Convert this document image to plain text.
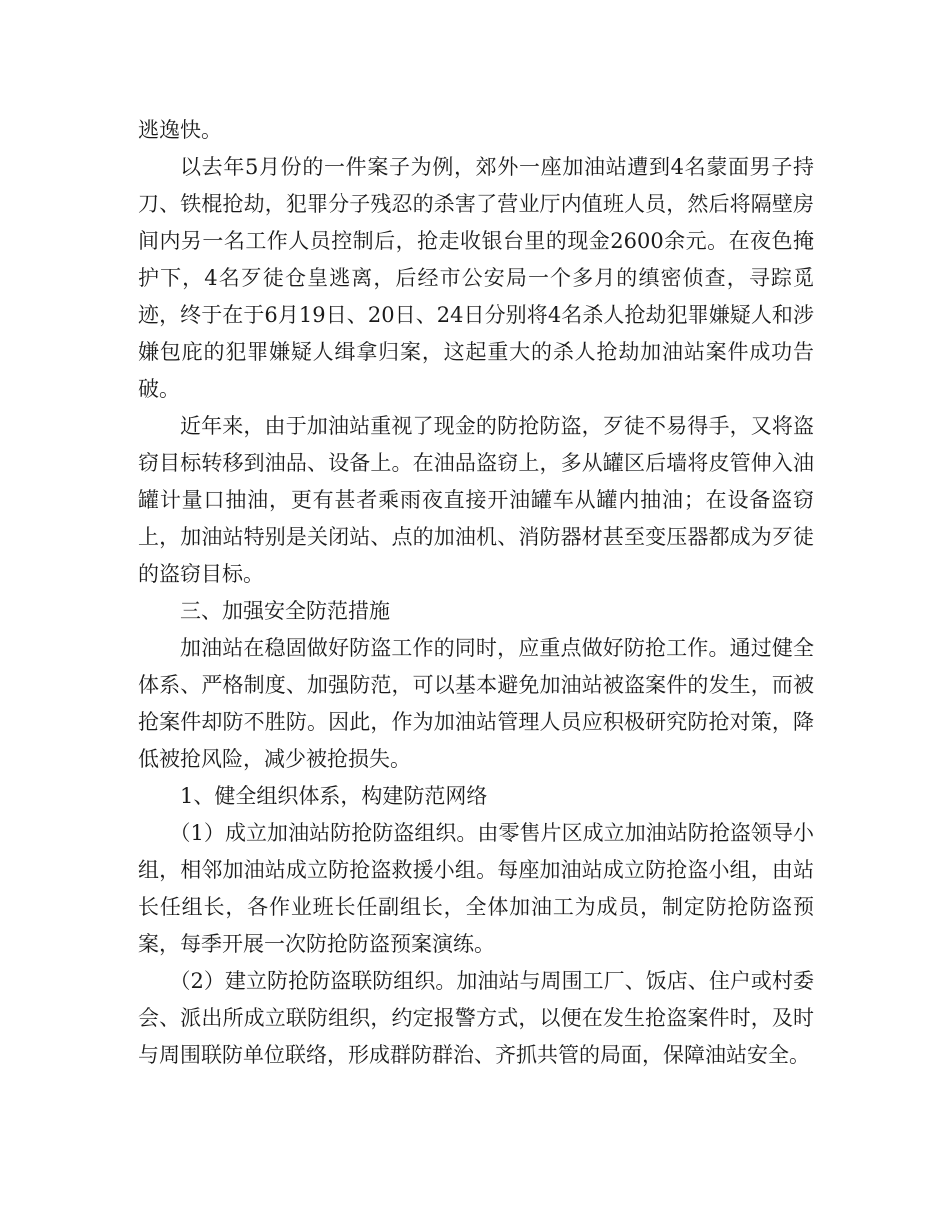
逃逸快。

以去年5月份的一件案子为例，郊外一座加油站遭到4名蒙面男子持刀、铁棍抢劫，犯罪分子残忍的杀害了营业厅内值班人员，然后将隔壁房间内另一名工作人员控制后，抢走收银台里的现金2600余元。在夜色掩护下，4名歹徒仓皇逃离，后经市公安局一个多月的缜密侦查，寻踪觅迹，终于在于6月19日、20日、24日分别将4名杀人抢劫犯罪嫌疑人和涉嫌包庇的犯罪嫌疑人缉拿归案，这起重大的杀人抢劫加油站案件成功告破。

近年来，由于加油站重视了现金的防抢防盗，歹徒不易得手，又将盗窃目标转移到油品、设备上。在油品盗窃上，多从罐区后墙将皮管伸入油罐计量口抽油，更有甚者乘雨夜直接开油罐车从罐内抽油；在设备盗窃上，加油站特别是关闭站、点的加油机、消防器材甚至变压器都成为歹徒的盗窃目标。

三、加强安全防范措施

加油站在稳固做好防盗工作的同时，应重点做好防抢工作。通过健全体系、严格制度、加强防范，可以基本避免加油站被盗案件的发生，而被抢案件却防不胜防。因此，作为加油站管理人员应积极研究防抢对策，降低被抢风险，减少被抢损失。

1、健全组织体系，构建防范网络

（1）成立加油站防抢防盗组织。由零售片区成立加油站防抢盗领导小组，相邻加油站成立防抢盗救援小组。每座加油站成立防抢盗小组，由站长任组长，各作业班长任副组长，全体加油工为成员，制定防抢防盗预案，每季开展一次防抢防盗预案演练。

（2）建立防抢防盗联防组织。加油站与周围工厂、饭店、住户或村委会、派出所成立联防组织，约定报警方式，以便在发生抢盗案件时，及时与周围联防单位联络，形成群防群治、齐抓共管的局面，保障油站安全。
